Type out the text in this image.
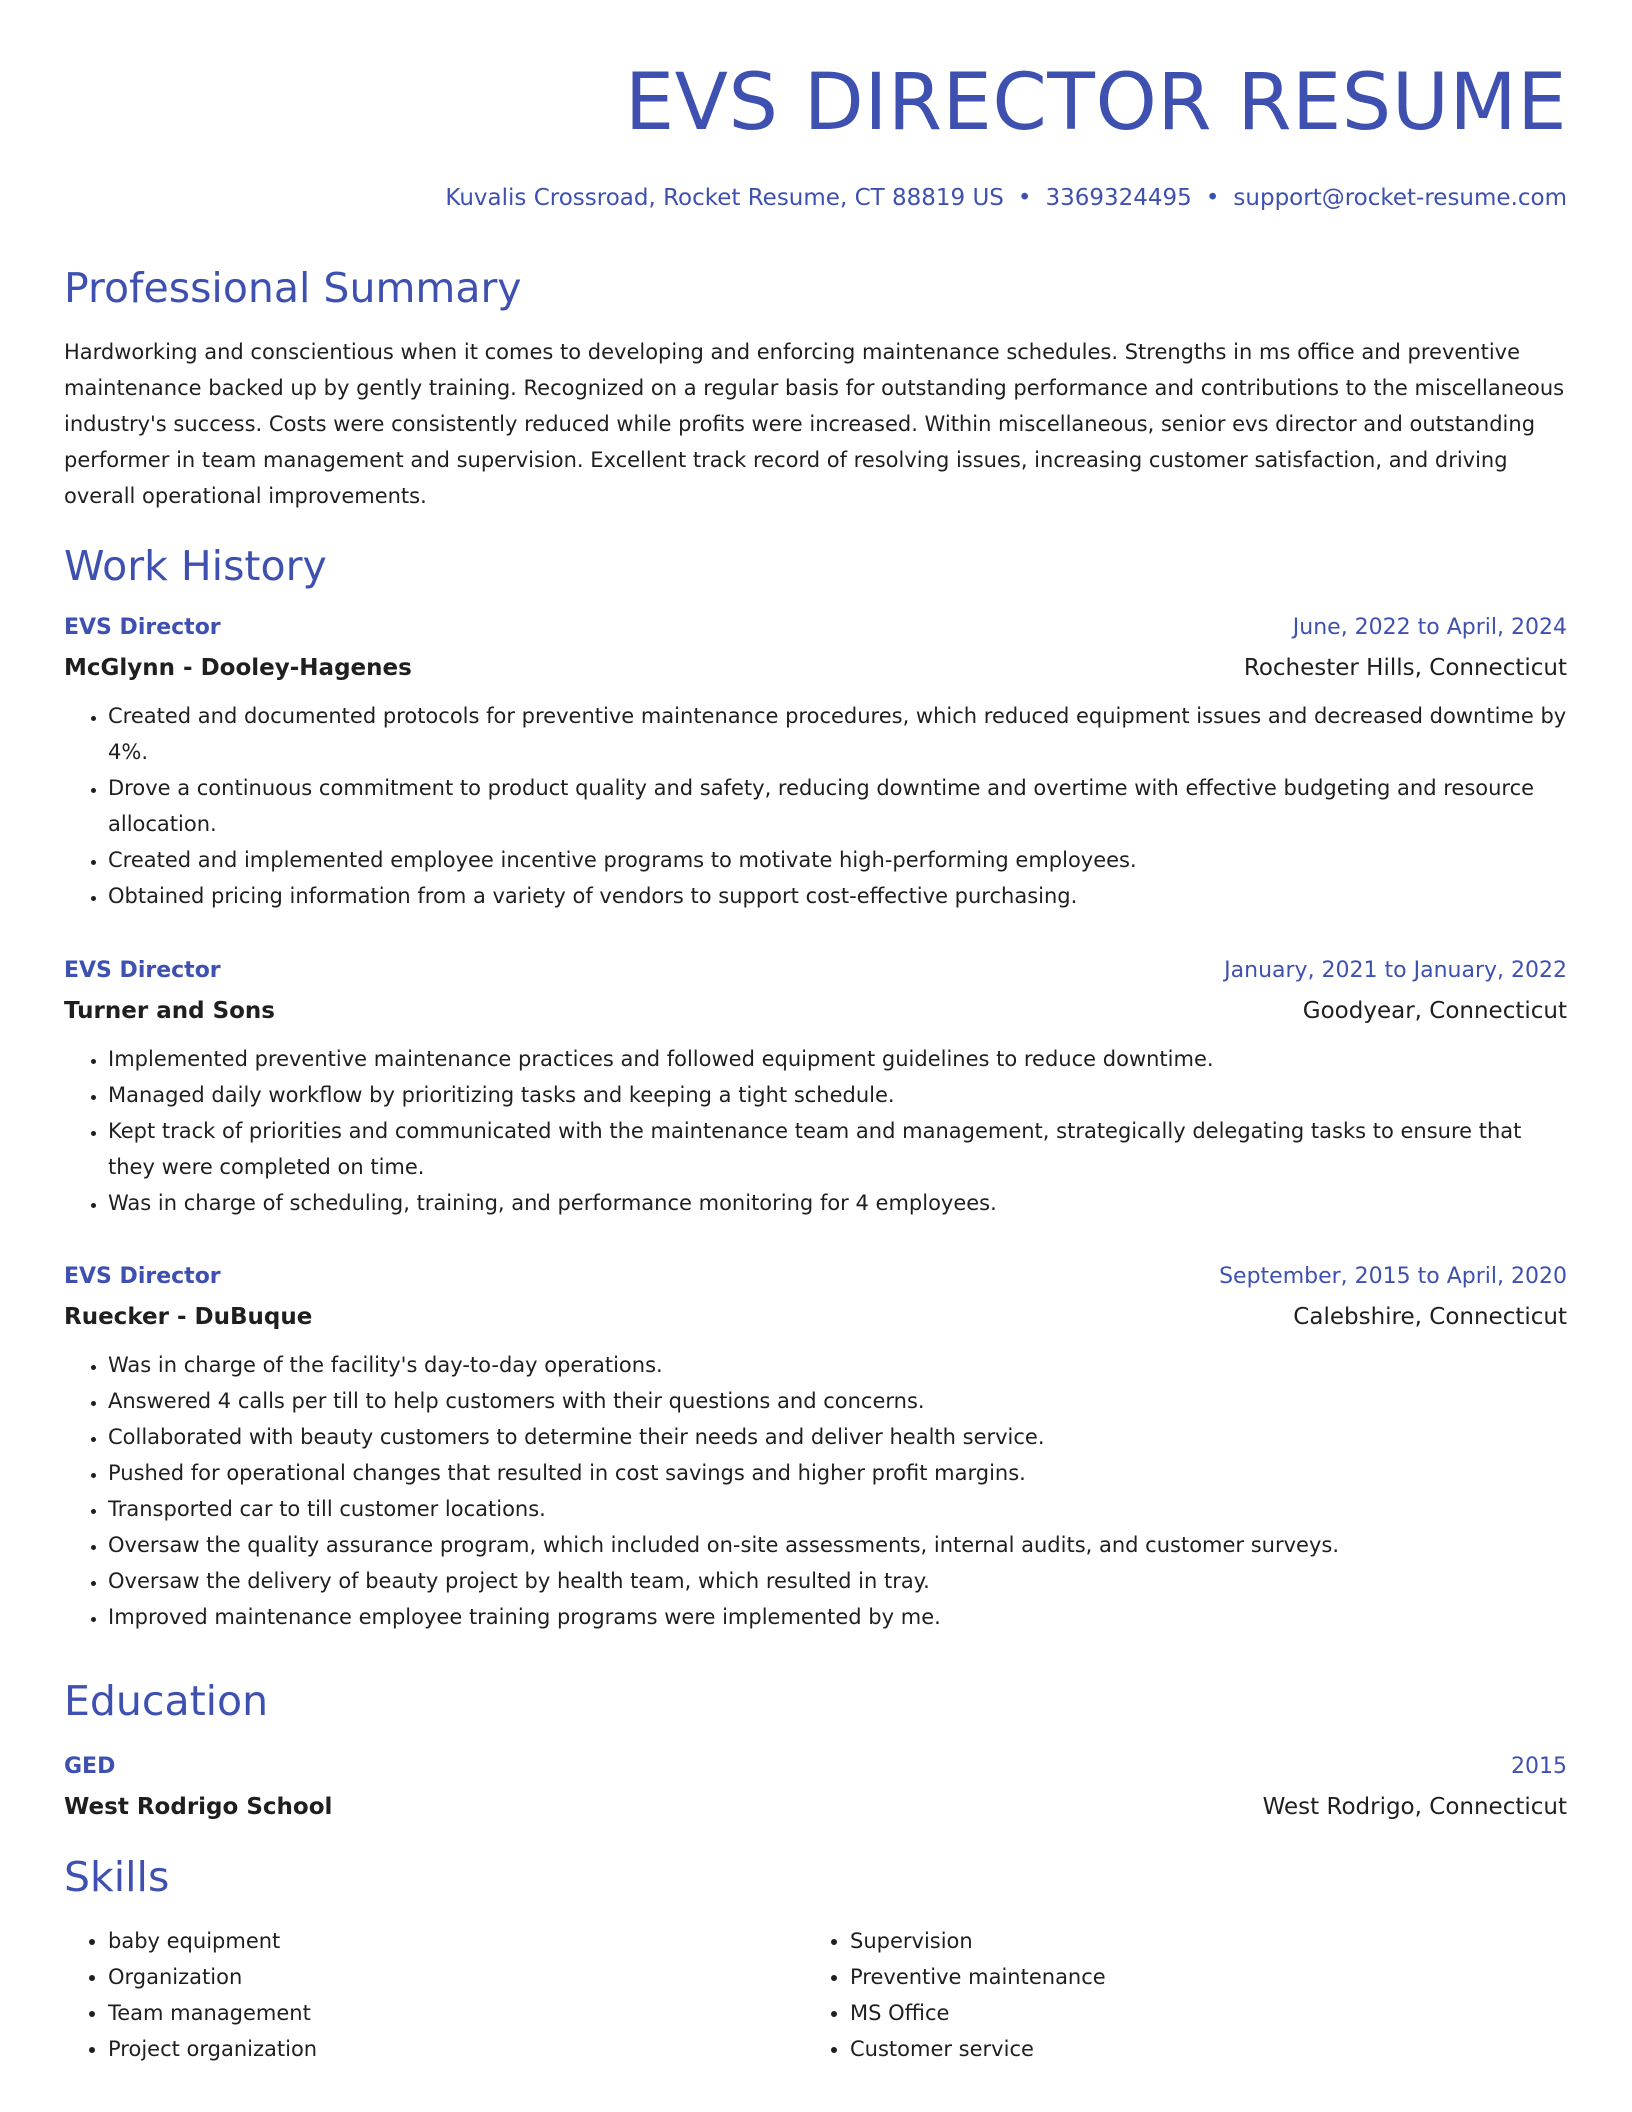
EVS DIRECTOR RESUME
Kuvalis Crossroad, Rocket Resume, CT 88819 US • 3369324495 • support@rocket-resume.com
Professional Summary
Hardworking and conscientious when it comes to developing and enforcing maintenance schedules. Strengths in ms office and preventive maintenance backed up by gently training. Recognized on a regular basis for outstanding performance and contributions to the miscellaneous industry's success. Costs were consistently reduced while profits were increased. Within miscellaneous, senior evs director and outstanding performer in team management and supervision. Excellent track record of resolving issues, increasing customer satisfaction, and driving overall operational improvements.
Work History
EVS Director	June, 2022 to April, 2024
McGlynn - Dooley-Hagenes	Rochester Hills, Connecticut
• Created and documented protocols for preventive maintenance procedures, which reduced equipment issues and decreased downtime by 4%.
• Drove a continuous commitment to product quality and safety, reducing downtime and overtime with effective budgeting and resource allocation.
• Created and implemented employee incentive programs to motivate high-performing employees.
• Obtained pricing information from a variety of vendors to support cost-effective purchasing.
EVS Director	January, 2021 to January, 2022
Turner and Sons	Goodyear, Connecticut
• Implemented preventive maintenance practices and followed equipment guidelines to reduce downtime.
• Managed daily workflow by prioritizing tasks and keeping a tight schedule.
• Kept track of priorities and communicated with the maintenance team and management, strategically delegating tasks to ensure that they were completed on time.
• Was in charge of scheduling, training, and performance monitoring for 4 employees.
EVS Director	September, 2015 to April, 2020
Ruecker - DuBuque	Calebshire, Connecticut
• Was in charge of the facility's day-to-day operations.
• Answered 4 calls per till to help customers with their questions and concerns.
• Collaborated with beauty customers to determine their needs and deliver health service.
• Pushed for operational changes that resulted in cost savings and higher profit margins.
• Transported car to till customer locations.
• Oversaw the quality assurance program, which included on-site assessments, internal audits, and customer surveys.
• Oversaw the delivery of beauty project by health team, which resulted in tray.
• Improved maintenance employee training programs were implemented by me.
Education
GED	2015
West Rodrigo School	West Rodrigo, Connecticut
Skills
• baby equipment
• Organization
• Team management
• Project organization
• Supervision
• Preventive maintenance
• MS Office
• Customer service
